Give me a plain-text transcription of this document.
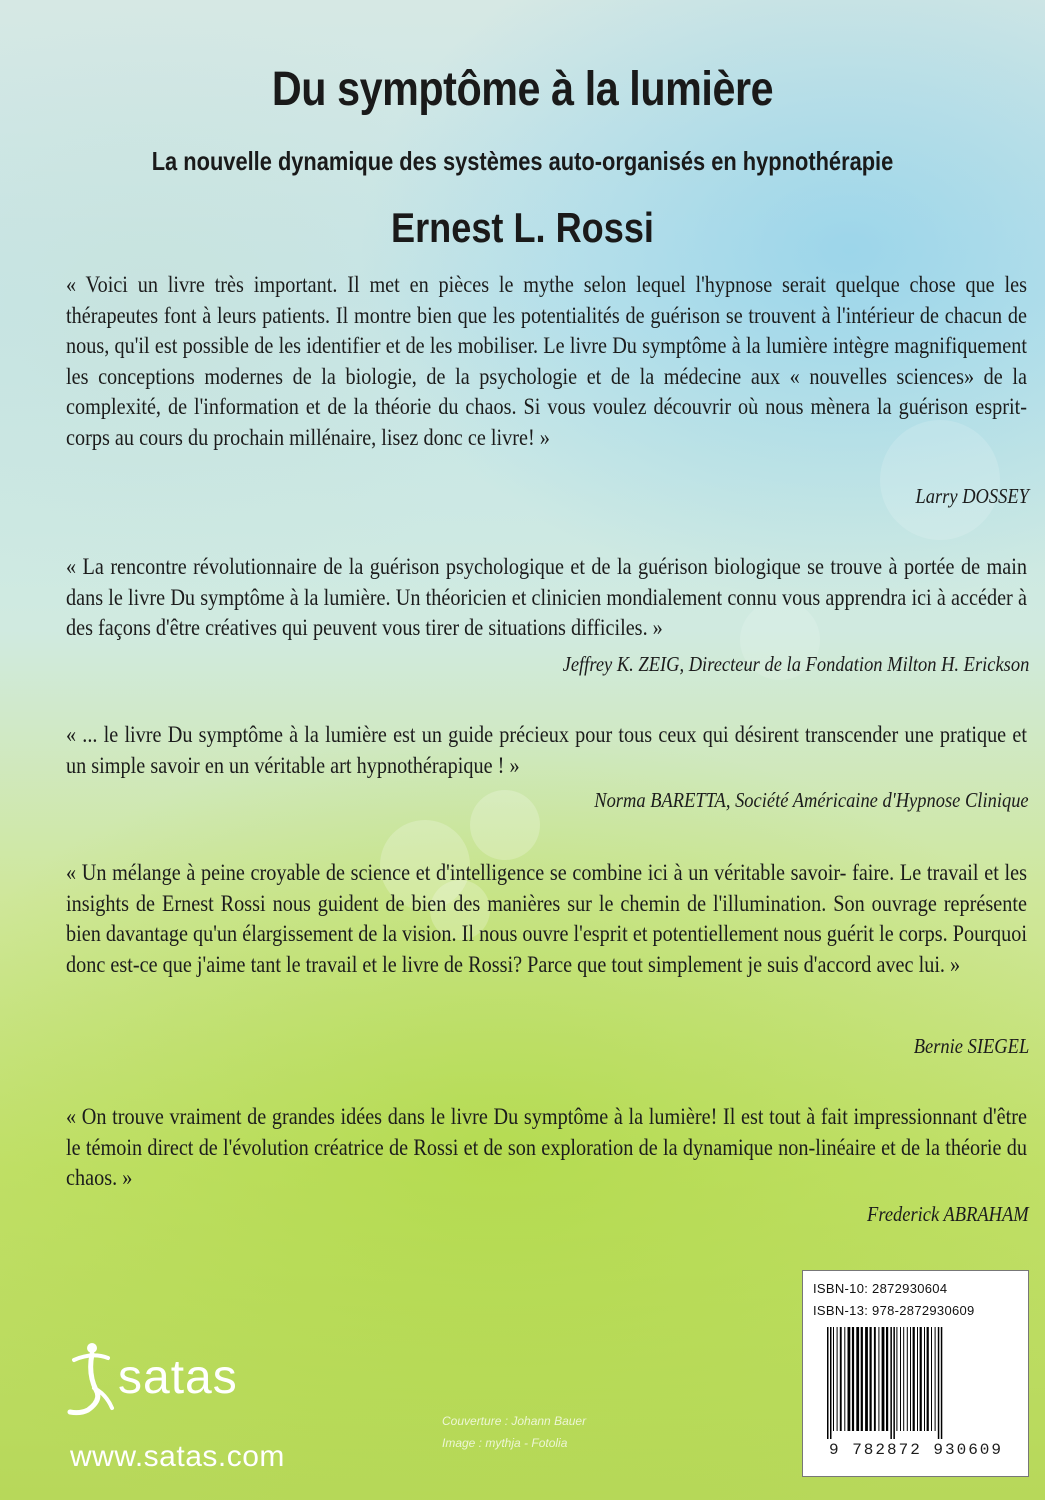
Du symptôme à la lumière
La nouvelle dynamique des systèmes auto-organisés en hypnothérapie
Ernest L. Rossi
« Voici un livre très important. Il met en pièces le mythe selon lequel l'hypnose serait quelque chose que les thérapeutes font à leurs patients. Il montre bien que les potentialités de guérison se trouvent à l'intérieur de chacun de nous, qu'il est possible de les identifier et de les mobiliser. Le livre Du symptôme à la lumière intègre magnifiquement les conceptions modernes de la biologie, de la psychologie et de la médecine aux « nouvelles sciences» de la complexité, de l'information et de la théorie du chaos. Si vous voulez découvrir où nous mènera la guérison esprit-corps au cours du prochain millénaire, lisez donc ce livre! »
Larry DOSSEY
« La rencontre révolutionnaire de la guérison psychologique et de la guérison biologique se trouve à portée de main dans le livre Du symptôme à la lumière. Un théoricien et clinicien mondialement connu vous apprendra ici à accéder à des façons d'être créatives qui peuvent vous tirer de situations difficiles. »
Jeffrey K. ZEIG, Directeur de la Fondation Milton H. Erickson
« ... le livre Du symptôme à la lumière est un guide précieux pour tous ceux qui désirent transcender une pratique et un simple savoir en un véritable art hypnothérapique ! »
Norma BARETTA, Société Américaine d'Hypnose Clinique
« Un mélange à peine croyable de science et d'intelligence se combine ici à un véritable savoir- faire. Le travail et les insights de Ernest Rossi nous guident de bien des manières sur le chemin de l'illumination. Son ouvrage représente bien davantage qu'un élargissement de la vision. Il nous ouvre l'esprit et potentiellement nous guérit le corps. Pourquoi donc est-ce que j'aime tant le travail et le livre de Rossi? Parce que tout simplement je suis d'accord avec lui. »
Bernie SIEGEL
« On trouve vraiment de grandes idées dans le livre Du symptôme à la lumière! Il est tout à fait impressionnant d'être le témoin direct de l'évolution créatrice de Rossi et de son exploration de la dynamique non-linéaire et de la théorie du chaos. »
Frederick ABRAHAM
ISBN-10: 2872930604
ISBN-13: 978-2872930609
9 782872 930609
satas
www.satas.com
Couverture : Johann Bauer
Image : mythja - Fotolia
